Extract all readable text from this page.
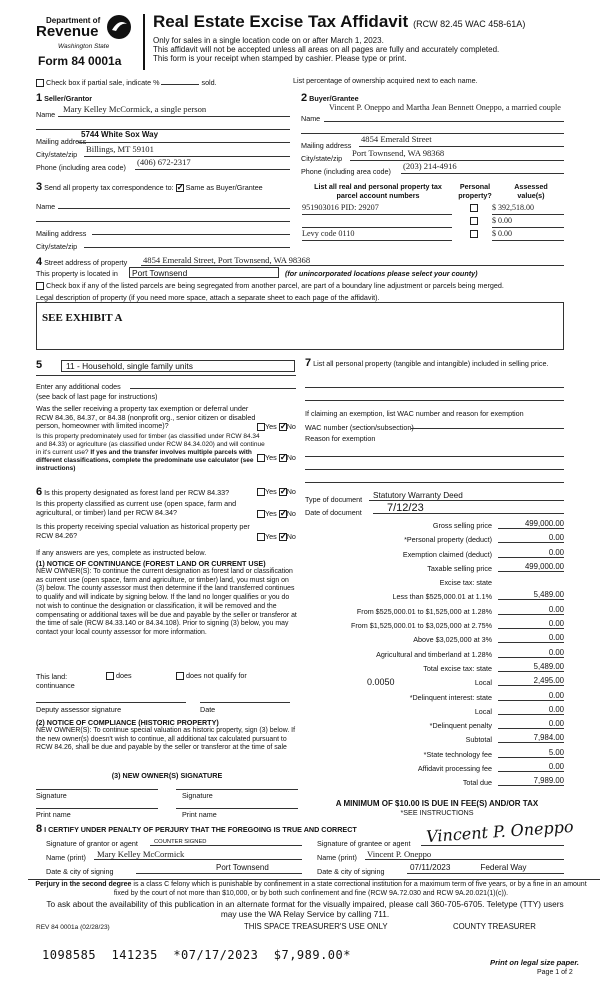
Department of
Revenue
Washington State
Form 84 0001a
Real Estate Excise Tax Affidavit (RCW 82.45 WAC 458-61A)
Only for sales in a single location code on or after March 1, 2023.
This affidavit will not be accepted unless all areas on all pages are fully and accurately completed.
This form is your receipt when stamped by cashier. Please type or print.
Check box if partial sale, indicate %	sold.	List percentage of ownership acquired next to each name.
1 Seller/Grantor
Name
Mary Kelley McCormick, a single person
Mailing address
5744 White Sox Way
City/state/zip
Billings, MT 59101
Phone (including area code)
(406) 672-2317
2 Buyer/Grantee
Name
Vincent P. Oneppo and Martha Jean Bennett Oneppo, a married couple
Mailing address
4854 Emerald Street
City/state/zip
Port Townsend, WA 98368
Phone (including area code)
(203) 214-4916
List all real and personal property tax parcel account numbers
Personal property?
Assessed value(s)
951903016 PID: 29207	$ 392,518.00
$ 0.00
Levy code 0110	$ 0.00
3 Send all property tax correspondence to: ✓ Same as Buyer/Grantee
Name
Mailing address
City/state/zip
4 Street address of property 4854 Emerald Street, Port Townsend, WA 98368
This property is located in	Port Townsend	(for unincorporated locations please select your county)
Check box if any of the listed parcels are being segregated from another parcel, are part of a boundary line adjustment or parcels being merged.
Legal description of property (if you need more space, attach a separate sheet to each page of the affidavit).
SEE EXHIBIT A
5	11 - Household, single family units
Enter any additional codes
(see back of last page for instructions)
Was the seller receiving a property tax exemption or deferral under RCW 84.36, 84.37, or 84.38 (nonprofit org., senior citizen or disabled person, homeowner with limited income)?	Yes ✓ No
Is this property predominately used for timber (as classified under RCW 84.34 and 84.33) or agriculture (as classified under RCW 84.34.020) and will continue in it's current use? If yes and the transfer involves multiple parcels with different classifications, complete the predominate use calculator (see instructions)
Yes ✓ No
6 Is this property designated as forest land per RCW 84.33?	Yes ✓ No
Is this property classified as current use (open space, farm and agricultural, or timber) land per RCW 84.34?	Yes ✓ No
Is this property receiving special valuation as historical property per RCW 84.26?	Yes ✓ No
If any answers are yes, complete as instructed below.
(1) NOTICE OF CONTINUANCE (FOREST LAND OR CURRENT USE)
NEW OWNER(S): To continue the current designation as forest land or classification as current use (open space, farm and agriculture, or timber) land, you must sign on (3) below. The county assessor must then determine if the land transferred continues to qualify and will indicate by signing below. If the land no longer qualifies or you do not wish to continue the designation or classification, it will be removed and the compensating or additional taxes will be due and payable by the seller or transferor at the time of sale (RCW 84.33.140 or 84.34.108). Prior to signing (3) below, you may contact your local county assessor for more information.
This land:
continuance
does	does not qualify for
Deputy assessor signature	Date
(2) NOTICE OF COMPLIANCE (HISTORIC PROPERTY)
NEW OWNER(S): To continue special valuation as historic property, sign (3) below. If the new owner(s) doesn't wish to continue, all additional tax calculated pursuant to RCW 84.26, shall be due and payable by the seller or transferor at the time of sale
(3) NEW OWNER(S) SIGNATURE
Signature	Signature
Print name	Print name
7 List all personal property (tangible and intangible) included in selling price.
If claiming an exemption, list WAC number and reason for exemption
WAC number (section/subsection)
Reason for exemption
Type of document	Statutory Warranty Deed
Date of document	7/12/23
Gross selling price	499,000.00
*Personal property (deduct)	0.00
Exemption claimed (deduct)	0.00
Taxable selling price	499,000.00
Excise tax: state
Less than $525,000.01 at 1.1%	5,489.00
From $525,000.01 to $1,525,000 at 1.28%	0.00
From $1,525,000.01 to $3,025,000 at 2.75%	0.00
Above $3,025,000 at 3%	0.00
Agricultural and timberland at 1.28%	0.00
Total excise tax: state	5,489.00
Local
0.0050	2,495.00
*Delinquent interest: state	0.00
Local	0.00
*Delinquent penalty	0.00
Subtotal	7,984.00
*State technology fee	5.00
Affidavit processing fee	0.00
Total due	7,989.00
A MINIMUM OF $10.00 IS DUE IN FEE(S) AND/OR TAX
*SEE INSTRUCTIONS
8 I CERTIFY UNDER PENALTY OF PERJURY THAT THE FOREGOING IS TRUE AND CORRECT
Signature of grantor or agent	COUNTER SIGNED
Name (print)	Mary Kelley McCormick
Date & city of signing	Port Townsend
Signature of grantee or agent Vincent P. Oneppo
Name (print) Vincent P. Oneppo
Date & city of signing	07/11/2023	Federal Way
Perjury in the second degree is a class C felony which is punishable by confinement in a state correctional institution for a maximum term of five years, or by a fine in an amount fixed by the court of not more than $10,000, or by both such confinement and fine (RCW 9A.72.030 and RCW 9A.20.021(1)(c)).
To ask about the availability of this publication in an alternate format for the visually impaired, please call 360-705-6705. Teletype (TTY) users may use the WA Relay Service by calling 711.
REV 84 0001a (02/28/23)	THIS SPACE TREASURER'S USE ONLY	COUNTY TREASURER
1098585  141235  *07/17/2023  $7,989.00*
Print on legal size paper.
Page 1 of 2
